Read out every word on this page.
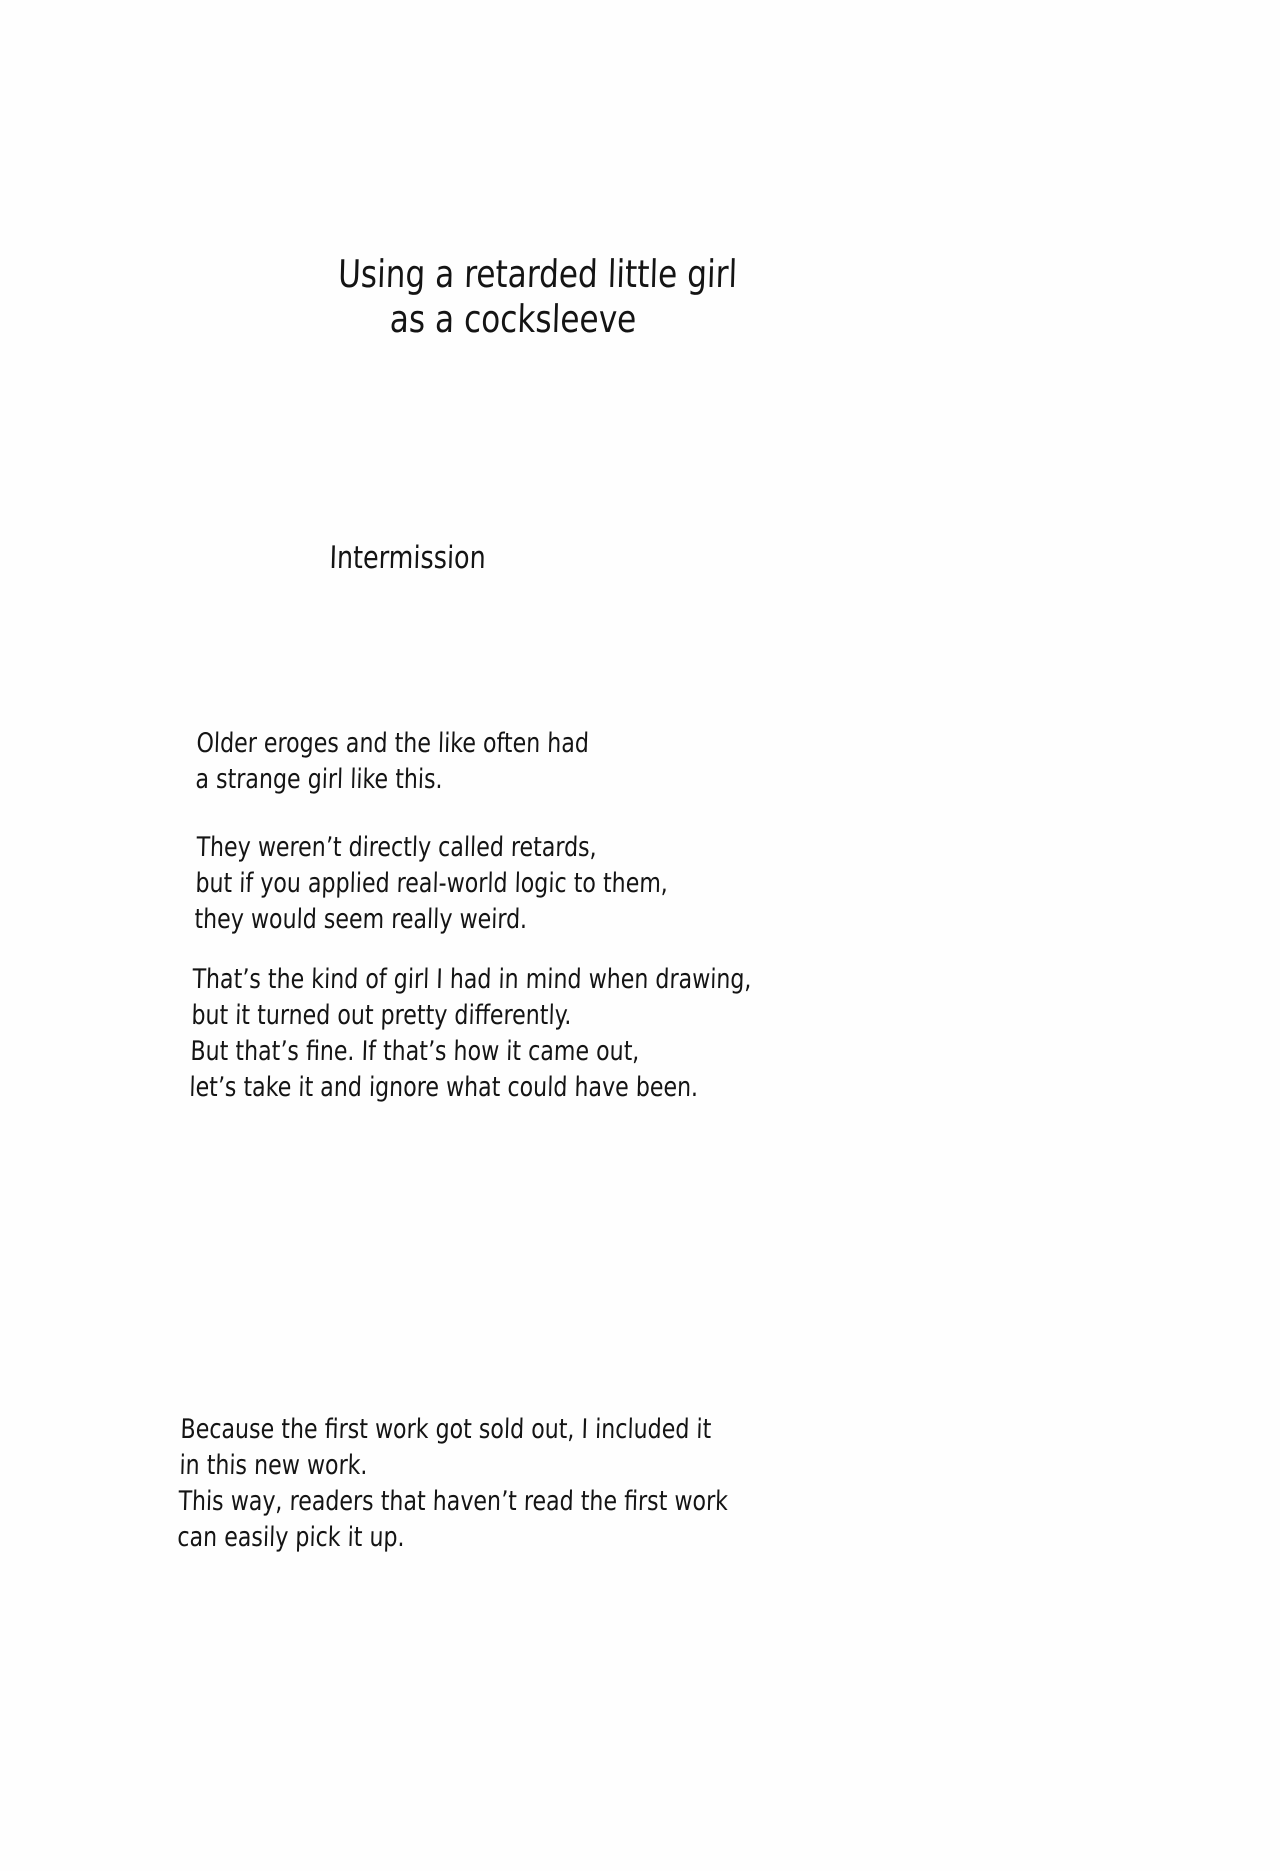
Using a retarded little girl
as a cocksleeve
Intermission
Older eroges and the like often had
a strange girl like this.
They weren’t directly called retards,
but if you applied real-world logic to them,
they would seem really weird.
That’s the kind of girl I had in mind when drawing,
but it turned out pretty differently.
But that’s fine. If that’s how it came out,
let’s take it and ignore what could have been.
Because the first work got sold out, I included it
in this new work.
This way, readers that haven’t read the first work
can easily pick it up.
